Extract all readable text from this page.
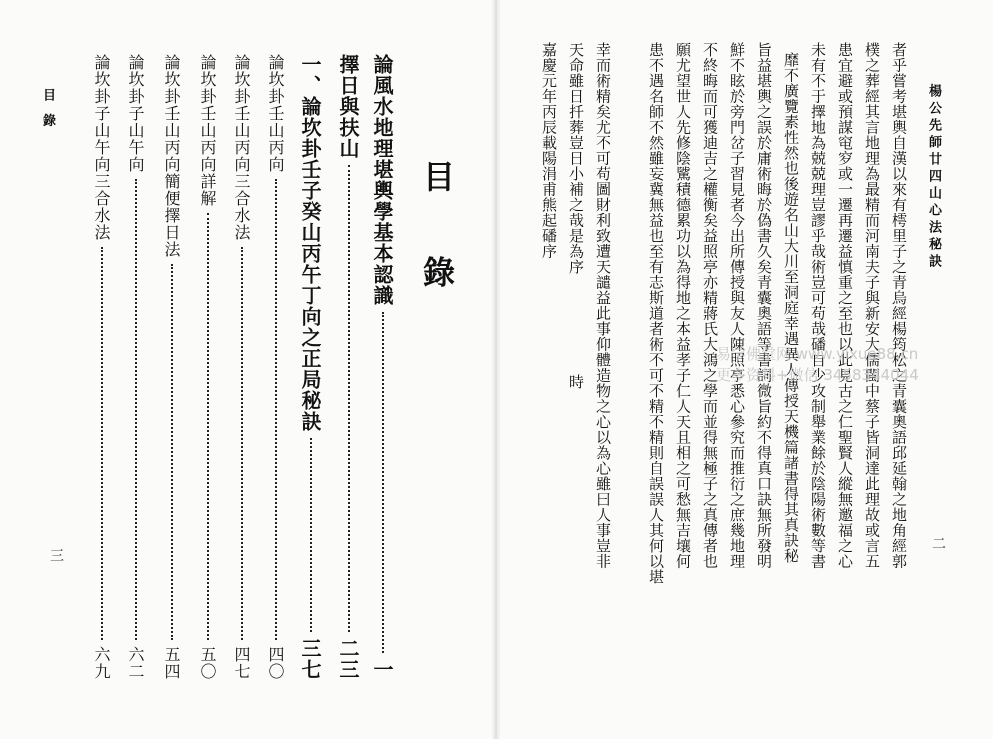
目 錄
三
目 錄
論風水地理堪輿學基本認識
一
擇日與扶山
二三
一、論坎卦壬子癸山丙午丁向之正局秘訣
三七
論坎卦壬山丙向
四〇
論坎卦壬山丙向三合水法
四七
論坎卦壬山丙向詳解
五〇
論坎卦壬山丙向簡便擇日法
五四
論坎卦子山午向
六二
論坎卦子山午向三合水法
六九
楊公先師廿四山心法秘訣
二
者乎嘗考堪輿自漢以來有樗里子之青烏經楊筠松之青囊奧語邱延翰之地角經郭
樸之葬經其言地理為最精而河南夫子與新安大儒閩中蔡子皆洞達此理故或言五
患宜避或預謀窀穸或一遷再遷益慎重之至也以此見古之仁聖賢人縱無邀福之心
未有不于擇地為兢兢理豈謬乎哉術豈可苟哉磻自少攻制舉業餘於陰陽術數等書
靡不廣覽素性然也後遊名山大川至洞庭幸遇異人傳授天機篇諸書得其真訣秘
旨益堪輿之誤於庸術晦於偽書久矣青囊奧語等書詞微旨約不得真口訣無所發明
鮮不眩於旁門岔子習見者今出所傳授與友人陳照亭悉心參究而推衍之庶幾地理
不終晦而可獲迪吉之權衡矣益照亭亦精蔣氏大鴻之學而並得無極子之真傳者也
願尤望世人先修陰騭積德累功以為得地之本益孝子仁人天且相之可愁無吉壤何
患不遇名師不然雖妄冀無益也至有志斯道者術不可不精不精則自誤誤人其何以堪
幸而術精矣尤不可苟圖財利致遭天譴益此事仰體造物之心以為心雖曰人事豈非
天命雖日扦葬豈日小補之哉是為序
嘉慶元年丙辰載陽涓甫熊起磻序
時
易学佛堂网 www.yixue88.cn
更多资料+微信 3458344044
